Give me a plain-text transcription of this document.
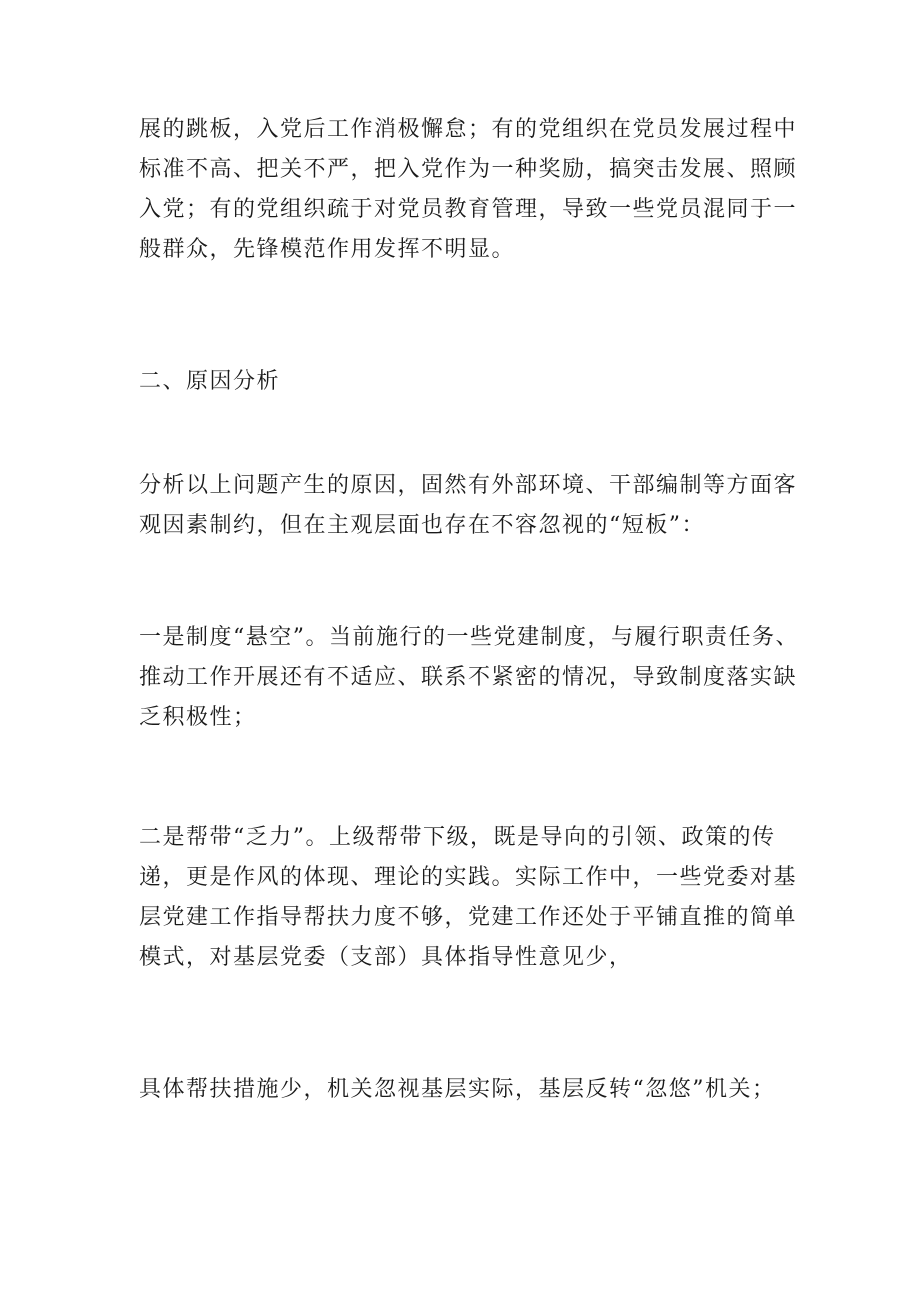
展的跳板，入党后工作消极懈怠；有的党组织在党员发展过程中
标准不高、把关不严，把入党作为一种奖励，搞突击发展、照顾
入党；有的党组织疏于对党员教育管理，导致一些党员混同于一
般群众，先锋模范作用发挥不明显。
二、原因分析
分析以上问题产生的原因，固然有外部环境、干部编制等方面客
观因素制约，但在主观层面也存在不容忽视的“短板”：
一是制度“悬空”。当前施行的一些党建制度，与履行职责任务、
推动工作开展还有不适应、联系不紧密的情况，导致制度落实缺
乏积极性；
二是帮带“乏力”。上级帮带下级，既是导向的引领、政策的传
递，更是作风的体现、理论的实践。实际工作中，一些党委对基
层党建工作指导帮扶力度不够，党建工作还处于平铺直推的简单
模式，对基层党委（支部）具体指导性意见少，
具体帮扶措施少，机关忽视基层实际，基层反转“忽悠”机关；
